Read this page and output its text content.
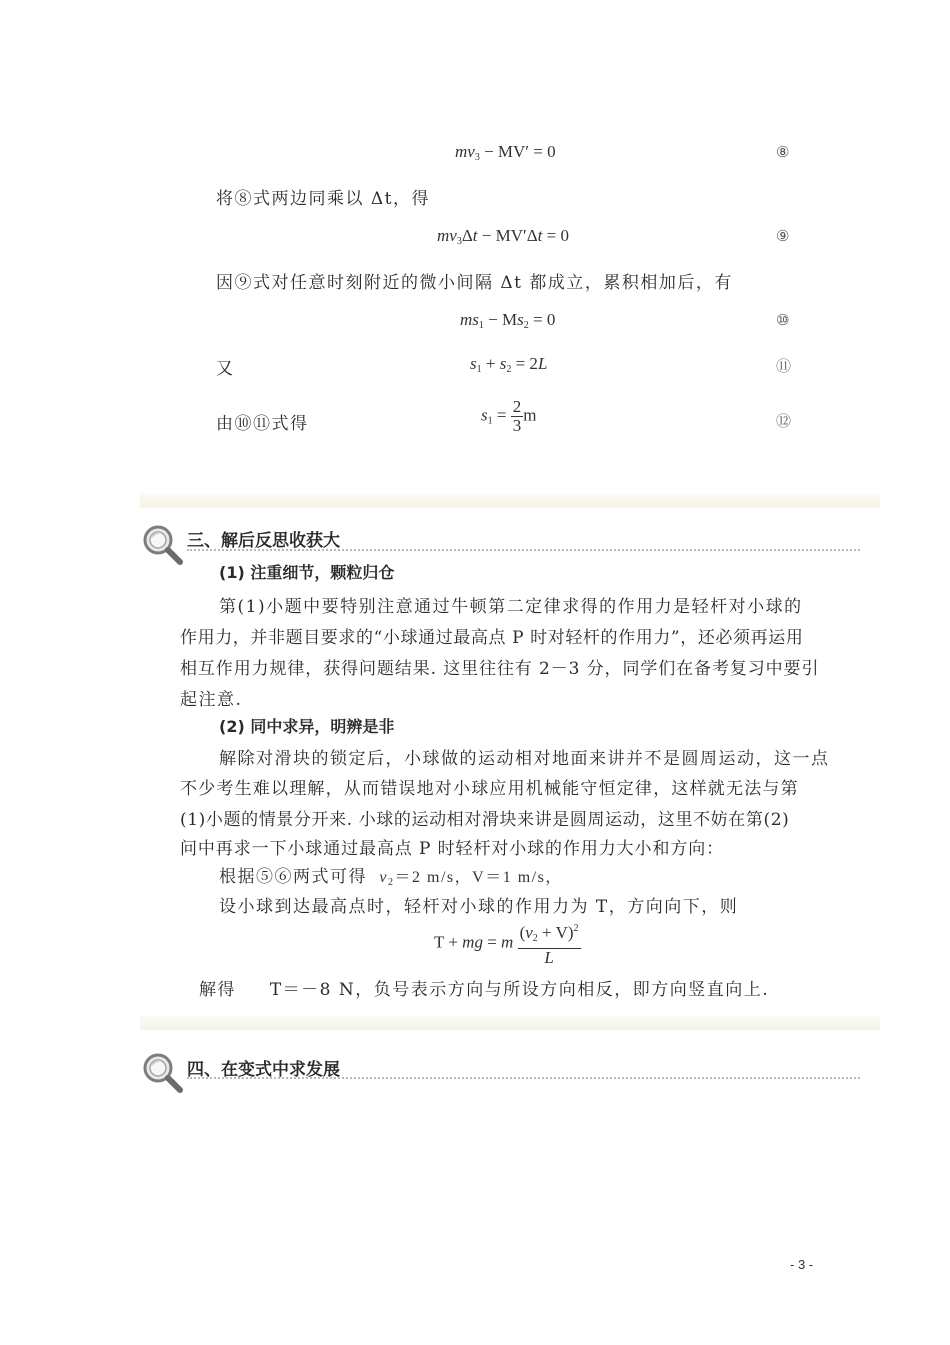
$mv_3 - MV' = 0$	⑧
将⑧式两边同乘以 Δt，得
$mv_3\Delta t - MV'\Delta t = 0$	⑨
因⑨式对任意时刻附近的微小间隔 Δt 都成立，累积相加后，有
$ms_1 - Ms_2 = 0$	⑩
又	$s_1 + s_2 = 2L$	⑪
由⑩⑪式得	$s_1 = \frac{2}{3}$ m	⑫
三、解后反思收获大
(1) 注重细节，颗粒归仓
第(1)小题中要特别注意通过牛顿第二定律求得的作用力是轻杆对小球的
作用力，并非题目要求的“小球通过最高点 P 时对轻杆的作用力”，还必须再运用
相互作用力规律，获得问题结果. 这里往往有 2－3 分，同学们在备考复习中要引
起注意.
(2) 同中求异，明辨是非
解除对滑块的锁定后，小球做的运动相对地面来讲并不是圆周运动，这一点
不少考生难以理解，从而错误地对小球应用机械能守恒定律，这样就无法与第
(1)小题的情景分开来. 小球的运动相对滑块来讲是圆周运动，这里不妨在第(2)
问中再求一下小球通过最高点 P 时轻杆对小球的作用力大小和方向：
根据⑤⑥两式可得 $v_2=2$ m/s，V＝1 m/s，
设小球到达最高点时，轻杆对小球的作用力为 T，方向向下，则
T + mg = m $\frac{(v_2 + V)^2}{L}$
解得 T＝－8 N，负号表示方向与所设方向相反，即方向竖直向上.
四、在变式中求发展
- 3 -
